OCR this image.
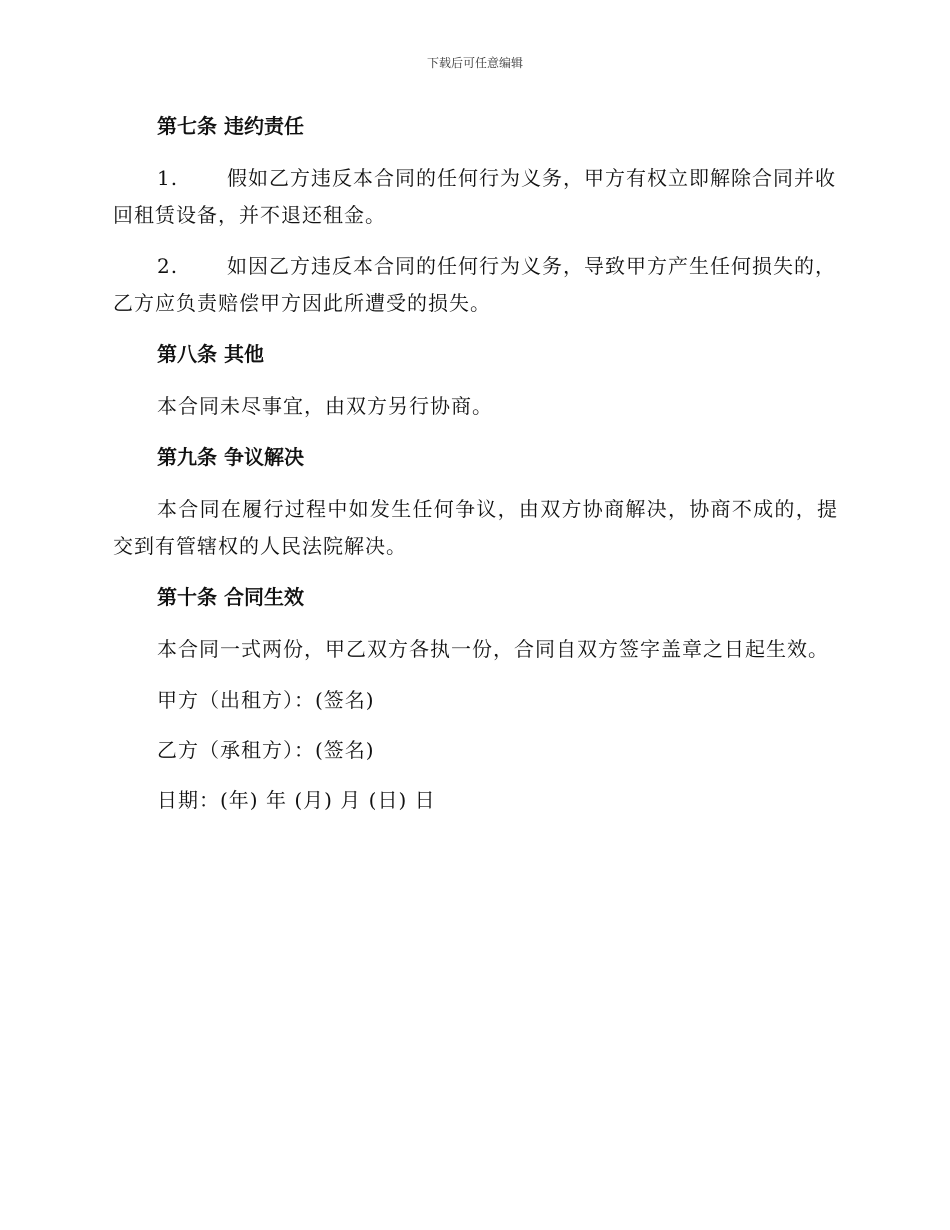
下载后可任意编辑
第七条 违约责任
1. 假如乙方违反本合同的任何行为义务，甲方有权立即解除合同并收回租赁设备，并不退还租金。
2. 如因乙方违反本合同的任何行为义务，导致甲方产生任何损失的，乙方应负责赔偿甲方因此所遭受的损失。
第八条 其他
本合同未尽事宜，由双方另行协商。
第九条 争议解决
本合同在履行过程中如发生任何争议，由双方协商解决，协商不成的，提交到有管辖权的人民法院解决。
第十条 合同生效
本合同一式两份，甲乙双方各执一份，合同自双方签字盖章之日起生效。
甲方（出租方）：(签名)
乙方（承租方）：(签名)
日期：(年) 年 (月) 月 (日) 日
